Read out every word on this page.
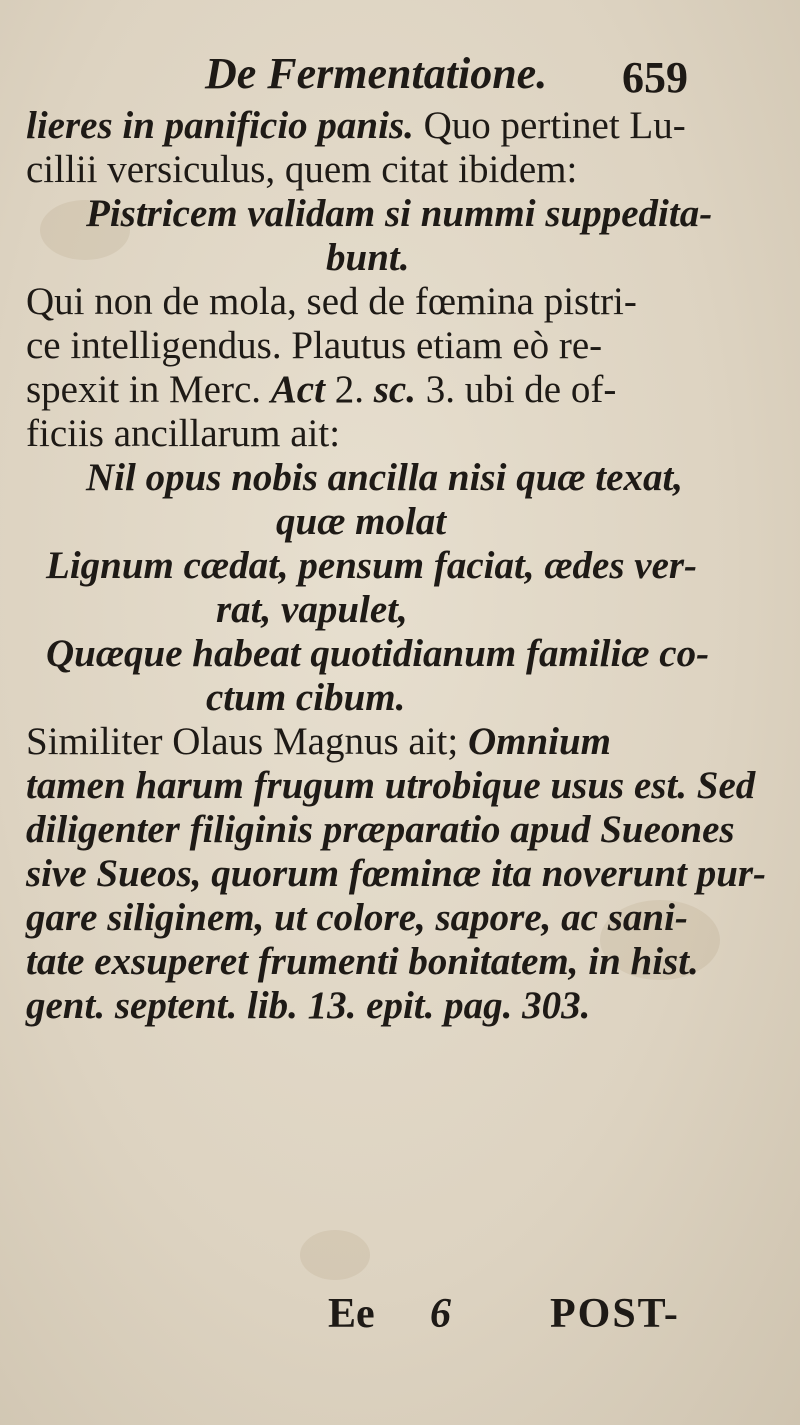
De Fermentatione. 659
lieres in panificio panis. Quo pertinet Lu-
cillii versiculus, quem citat ibidem:
Pistricem validam si nummi suppedita-
bunt.
Qui non de mola, sed de fœmina pistri-
ce intelligendus. Plautus etiam eò re-
spexit in Merc. Act 2. sc. 3. ubi de of-
ficiis ancillarum ait:
Nil opus nobis ancilla nisi quæ texat,
quæ molat
Lignum cædat, pensum faciat, ædes ver-
rat, vapulet,
Quæque habeat quotidianum familiæ co-
ctum cibum.
Similiter Olaus Magnus ait; Omnium
tamen harum frugum utrobique usus est. Sed
diligenter filiginis præparatio apud Sueones
sive Sueos, quorum fœminæ ita noverunt pur-
gare siliginem, ut colore, sapore, ac sani-
tate exsuperet frumenti bonitatem, in hist.
gent. septent. lib. 13. epit. pag. 303.
Ee 6 POST-
